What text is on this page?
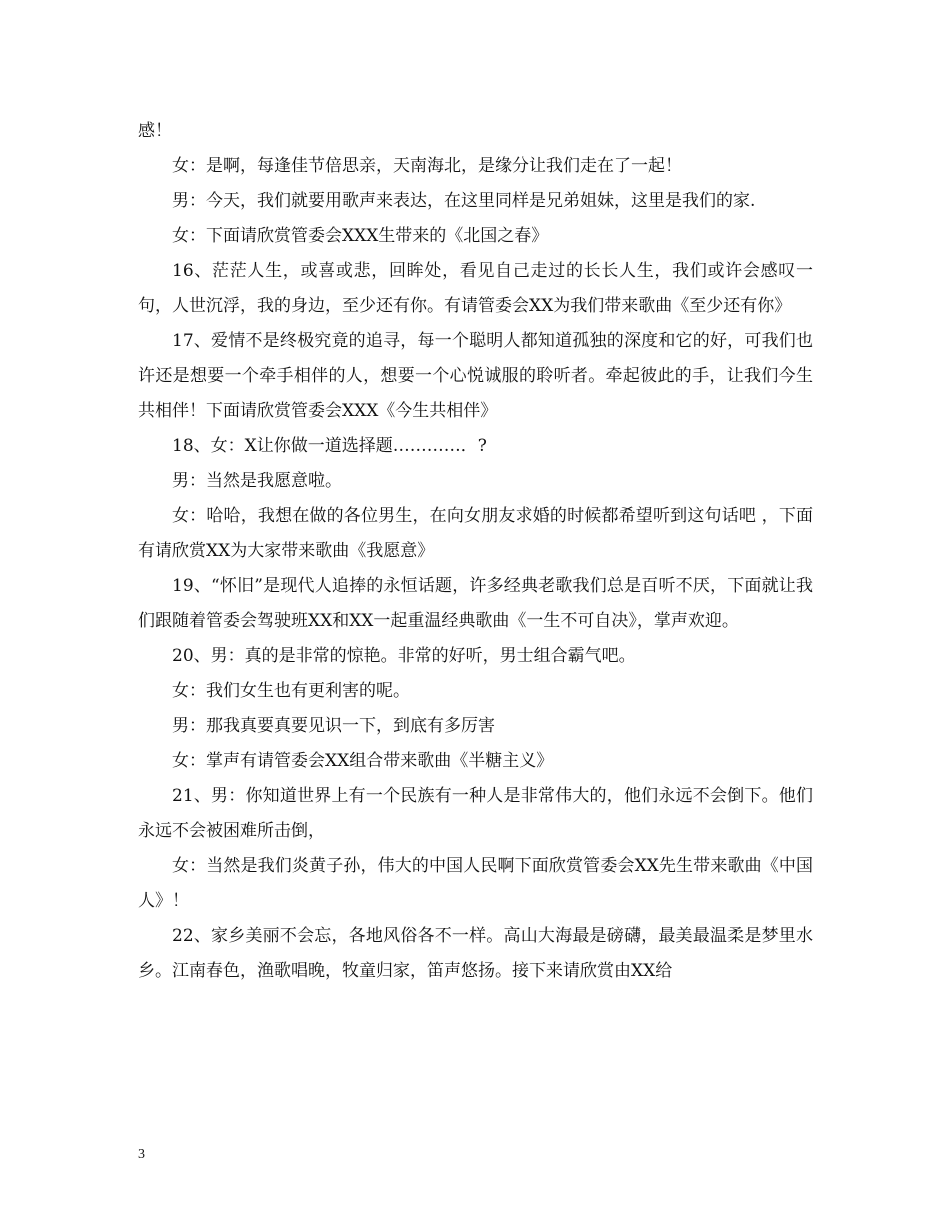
感！

女：是啊，每逢佳节倍思亲，天南海北，是缘分让我们走在了一起！

男：今天，我们就要用歌声来表达，在这里同样是兄弟姐妹，这里是我们的家.

女：下面请欣赏管委会XXX生带来的《北国之春》

16、茫茫人生，或喜或悲，回眸处，看见自己走过的长长人生，我们或许会感叹一句，人世沉浮，我的身边，至少还有你。有请管委会XX为我们带来歌曲《至少还有你》

17、爱情不是终极究竟的追寻，每一个聪明人都知道孤独的深度和它的好，可我们也许还是想要一个牵手相伴的人，想要一个心悦诚服的聆听者。牵起彼此的手，让我们今生共相伴！下面请欣赏管委会XXX《今生共相伴》

18、女：X让你做一道选择题…………．?

男：当然是我愿意啦。

女：哈哈，我想在做的各位男生，在向女朋友求婚的时候都希望听到这句话吧 ，下面有请欣赏XX为大家带来歌曲《我愿意》

19、“怀旧”是现代人追捧的永恒话题，许多经典老歌我们总是百听不厌，下面就让我们跟随着管委会驾驶班XX和XX一起重温经典歌曲《一生不可自决》，掌声欢迎。

20、男：真的是非常的惊艳。非常的好听，男士组合霸气吧。

女：我们女生也有更利害的呢。

男：那我真要真要见识一下，到底有多厉害

女：掌声有请管委会XX组合带来歌曲《半糖主义》

21、男：你知道世界上有一个民族有一种人是非常伟大的，他们永远不会倒下。他们永远不会被困难所击倒，

女：当然是我们炎黄子孙，伟大的中国人民啊下面欣赏管委会XX先生带来歌曲《中国人》！

22、家乡美丽不会忘，各地风俗各不一样。高山大海最是磅礴，最美最温柔是梦里水乡。江南春色，渔歌唱晚，牧童归家，笛声悠扬。接下来请欣赏由XX给

3
